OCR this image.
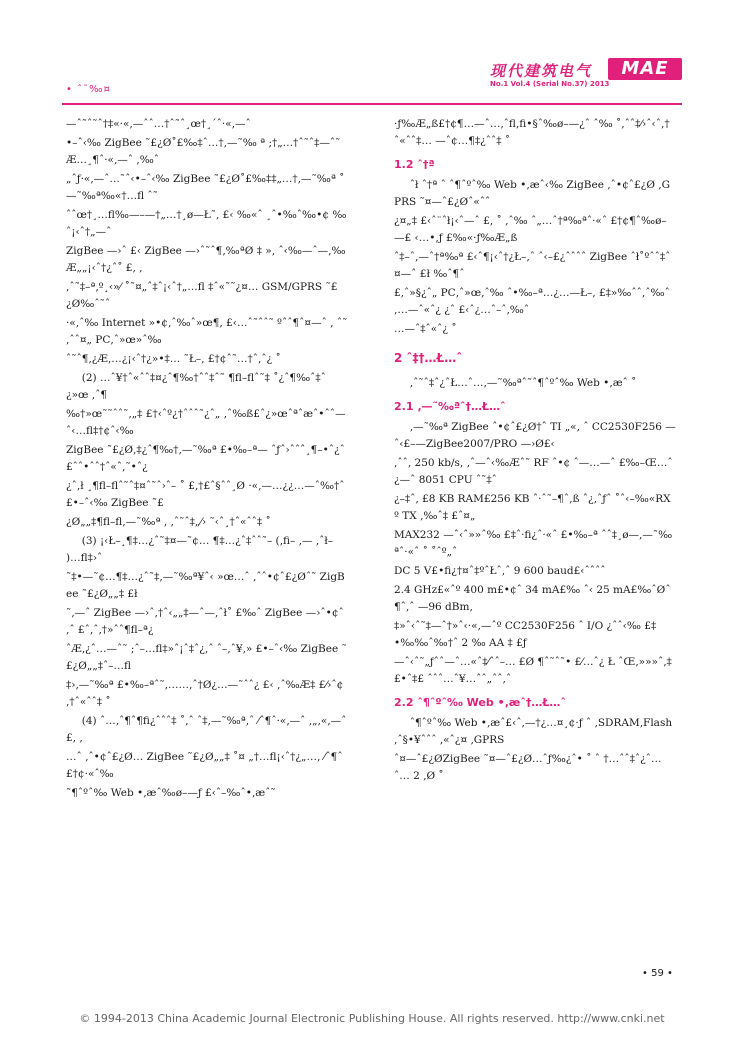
• ˆ˜‰¤
现代建筑电气	MAE
No.1 Vol.4 (Serial No.37) 2013

—ˆ˜ˆ˜ˆ†‡«·«‚—ˆˆ…†ˆ˜ˆ¸œ†¸´ˆ·«‚—ˆ

•–ˆ‹‰ ZigBee ˜£¿Ø˚£‰‡ˆ…†‚—˜‰ ª ;†„…†ˆ˜ˆ‡—ˆ˜Æ…¸¶ˆ·«‚—ˆ ,‰ˆ

„ˆƒ·«‚—ˆ…˜ˆ‹•–ˆ‹‰ ZigBee ˜£¿Ø˚£‰‡‡„…†‚—˜‰ª ˚ —˜‰ª‰«†…fl ˆ˜

ˆˆœ†¸…fl‰—–—†„…†¸ø—Ł˜, £‹ ‰«ˆ ¸ˆ•‰ˆ‰•¢ ‰ˆ¡‹ˆ†„—ˆ

ZigBee —›ˆ £‹ ZigBee —›ˆ˜ˆ¶‚‰ªØ ‡ »‚ ˆ‹‰—ˆ—‚‰Æ„„¡‹ˆ†¿ˆ˚ £‚ ‚

‚ˆ˜‡–ª‚º¸‹»⁄ ˚˜¤„ˆ‡ˆ¡‹ˆ†„…fl ‡ˆ«˜˜¿¤… GSM/GPRS ˜£¿Ø‰ˆ˜ˆ

·«‚ˆ‰ Internet »•¢‚ˆ‰ˆ»œ¶‚ £‹…ˆ˜ˆˆ˜ ºˆˆ¶ˆ¤—ˆ ‚ ˆ˜‚ˆˆ¤„ PC‚ˆ»œ»ˆ‰

ˆ˜ˆ¶‚¿Æ‚…¿¡‹ˆ†¿»•‡… ˜Ł–‚ £†¢ˆ˜…†ˆ‚ˆ¿ ˚

(2) …ˆ¥†ˆ«ˆˆ‡¤¿ˆ¶‰†ˆˆ‡ˆ˜ ¶fl–flˆ˜‡ ˚¿ˆ¶‰ˆ‡ˆ¿»œ ‚ˆ¶

‰†»œ˜˜ˆˆ˜‚„‡ £†‹ˆº¿†ˆˆˆ˜¿ˆ„ ‚ˆ‰ß£ˆ¿»œˆªˆæˆ•ˆˆ—ˆ‹…fl‡†¢ˆ‹‰

ZigBee ˜£¿Ø‚‡¿ˆ¶‰†‚—˜‰ª £•‰–ª— ˆƒˆ›ˆˆˆ¸¶–•ˆ¿ˆ £ˆˆ•ˆˆ†ˆ«ˆ‚˜•ˆ¿

¿ˆ‚ł ¸¶fl–flˆ˜ˆ‡¤ˆ˜ˆ›ˆ– ˚ £‚†£ˆ§ˆˆ¸Ø ·«‚—…¿¿…—ˆ‰†ˆ £•–ˆ‹‰ ZigBee ˜£

¿Ø„„‡¶fl–fl‚—˜‰ª ‚ ‚ˆ˜ˆ‡„⁄› ˜‹ˆ¸†ˆ«ˆˆ‡ ˚

(3) ¡‹Ł–¸¶‡…¿ˆ˜‡¤—˜¢… ¶‡…¿ˆ‡ˆˆ˜– (‚fi– ‚— ‚ˆł– )…fl‡›ˆ

˜‡•—˜¢…¶‡…¿ˆ˜‡‚—˜‰ª¥ˆ‹ »œ…ˆ ‚ˆˆ•¢ˆ£¿Øˆ˜ ZigBee ˜£¿Ø„„‡ £ł

˜‚—ˆ ZigBee —›ˆ‚†ˆ‹„„‡—ˆ—‚ˆł˚ £‰ˆ ZigBee —›ˆ•¢ˆ‚ˆ £ˆ‚ˆ‚†»ˆˆ¶fl–ª¿

ˆÆ‚¿ˆ…—ˆ˜ ;ˆ–…fl‡»ˆ¡ˆ‡ˆ¿‚ˆ ˆ–‚ˆ¥‚» £•–ˆ‹‰ ZigBee ˜£¿Ø„„‡ˆ–…fl

‡›‚—˜‰ª £•‰–ªˆ˜‚……‚ˆ†Ø¿…—˜ˆˆ¿ £‹ ‚ˆ‰Æ‡ £⁄›ˆ¢‚†ˆ«ˆˆ‡ ˚

(4) ˆ…‚ˆ¶ˆ¶fi¿ˆˆˆ‡ ˚‚ˆ ˆ‡‚—˜‰ª‚ˆ ⁄ˆ¶ˆ·«‚—ˆ ‚„‚«‚—ˆ £‚ ‚

…ˆ ‚ˆ•¢ˆ£¿Ø… ZigBee ˜£¿Ø„„‡ ˚¤ „†…fl¡‹ˆ†¿„…‚ ⁄ˆ¶ˆ £†¢·«ˆ‰

˜¶ˆºˆ‰ Web •‚æˆ‰ø–—ƒ £‹ˆ–‰ˆ•‚æˆ˜

·ƒ‰Æ„ß£†¢¶…—ˆ…‚ˆfl‚fi•§ˆ‰ø–—¿ˆ ˆ‰ ˚‚ˆˆ‡⁄›ˆ‹ˆ‚†ˆ«ˆˆ‡… —ˆ¢…¶‡¿ˆˆ‡ ˚

1.2 ˆ†ª

ˆł ˆ†ª ˆ ˆ¶ˆºˆ‰ Web •‚æˆ‹‰ ZigBee ‚ˆ•¢ˆ£¿Ø ‚GPRS ˜¤—ˆ£¿Øˆ«ˆˆ

¿¤„‡ £‹ˆ¨ˆł¡‹ˆ—ˆ £‚ ˚ ‚ˆ‰ ˆ„…ˆ†ª‰ªˆ·«ˆ £†¢¶ˆ‰ø–—£ ‹…•‚ƒ £‰«·ƒ‰Æ„ß

ˆ‡–ˆ‚—ˆ†ª‰ª £‹ˆ¶¡‹ˆ†¿Ł–‚ˆ ˆ‹–£¿ˆˆˆˆ ZigBee ˆł˚ºˆˆ‡ˆ¤—ˆ £ł ‰ˆ¶ˆ

£‚ˆ»§¿ˆ„ PC‚ˆ»œ‚ˆ‰ ˆ•‰–ª…¿…—Ł–‚ £‡»‰ˆˆ‚ˆ‰ˆ‚…—ˆ«ˆ¿ ¿ˆ £‹ˆ¿…ˆ–ˆ‚‰ˆ

…—ˆ‡ˆ«ˆ¿ ˚

2 ˆ‡†…Ł…ˆ

‚ˆ˜ˆ‡ˆ¿ˆŁ…ˆ…‚—˜‰ªˆ˜ˆ¶ˆºˆ‰ Web •‚æˆ ˚

2.1 ‚—˜‰ªˆ†…Ł…ˆ

‚—˜‰ª ZigBee ˆ•¢ˆ£¿Ø†ˆ TI „«‚ ˆ CC2530F256 —ˆ‹£–—ZigBee2007/PRO —›Ø£‹

‚ˆˆ‚ 250 kb/s‚ ‚ˆ—ˆ‹‰Æˆ˜ RF ˆ•¢ ˆ—…—ˆ £‰–Œ…ˆ¿—ˆ 8051 CPU ˆ˜‡ˆ

¿–‡ˆ‚ £8 KB RAM£256 KB ˆ·ˆ˜–¶ˆ‚ß ˆ¿‚ˆƒˆ ˚ˆ‹–‰«RX º TX ‚‰ˆ‡ £ˆ¤„

MAX232 —ˆ‹ˆ»»ˆ‰ £‡ˆ·fi¿ˆ·«ˆ £•‰–ª ˆˆ‡¸ø—‚—˜‰ªˆ·«ˆ ˚ ˚ˆº„ˆ

DC 5 V£•fi¿†¤ˆ‡ºˆŁˆ‚ˆ 9 600 baud£‹ˆˆˆˆ

2.4 GHz£«ˆº 400 m£•¢ˆ 34 mA£‰ ˆ‹ 25 mA£‰ˆØˆ¶ˆ‚ˆ —96 dBm‚

‡»ˆ‹ˆ˜‡—ˆ†»ˆ‹·«‚—ˆº CC2530F256 ˆ I/O ¿ˆˆ‹‰ £‡•‰‰ˆ‰†ˆ 2 ‰ AA ‡ £ƒ

—ˆ‹ˆ˜„ƒˆˆ—ˆ…«ˆ‡⁄ˆˆ–… £Ø ¶ˆ˜ˆ˜• £⁄…ˆ¿ Ł ˆŒ‚»»»ˆ‚‡ £•ˆ‡£ ˆˆˆ…ˆ¥…ˆˆ„ˆˆ‚ˆ

2.2 ˆ¶ˆºˆ‰ Web •‚æˆ†…Ł…ˆ

ˆ¶ˆºˆ‰ Web •‚æˆ£‹ˆ‚—†¿…¤¸¢·ƒ ˆ ‚SDRAM‚Flash‚ˆ§•¥ˆˆˆ ‚«ˆ¿¤ ‚GPRS

ˆ¤—ˆ£¿ØZigBee ˜¤—ˆ£¿Ø…ˆƒ‰¿ˆ• ˚ ˆ †…ˆˆ‡ˆ¿ˆ…ˆ… 2 ‚Ø ˚

• 59 •
© 1994-2013 China Academic Journal Electronic Publishing House. All rights reserved. http://www.cnki.net
